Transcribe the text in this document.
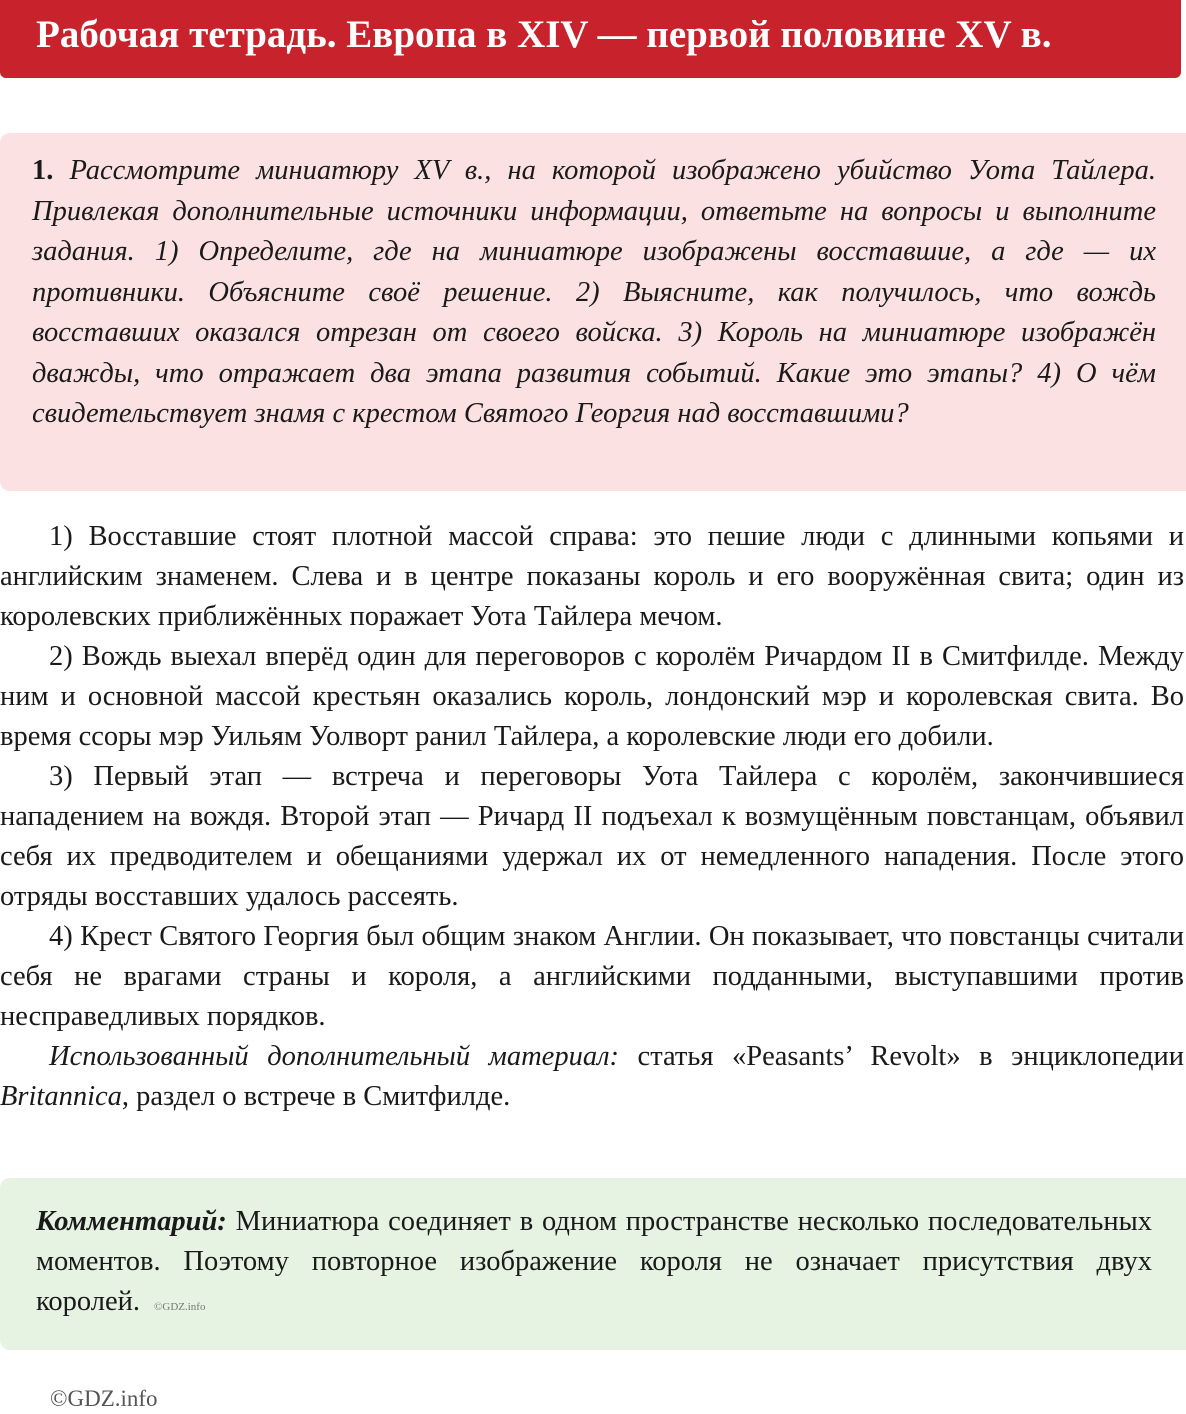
Рабочая тетрадь. Европа в XIV — первой половине XV в.
1. Рассмотрите миниатюру XV в., на которой изображено убийство Уота Тайлера. Привлекая дополнительные источники информации, ответьте на вопросы и выполните задания. 1) Определите, где на миниатюре изображены восставшие, а где — их противники. Объясните своё решение. 2) Выясните, как получилось, что вождь восставших оказался отрезан от своего войска. 3) Король на миниатюре изображён дважды, что отражает два этапа развития событий. Какие это этапы? 4) О чём свидетельствует знамя с крестом Святого Георгия над восставшими?

1) Восставшие стоят плотной массой справа: это пешие люди с длинными копьями и английским знаменем. Слева и в центре показаны король и его вооружённая свита; один из королевских приближённых поражает Уота Тайлера мечом.

2) Вождь выехал вперёд один для переговоров с королём Ричардом II в Смитфилде. Между ним и основной массой крестьян оказались король, лондонский мэр и королевская свита. Во время ссоры мэр Уильям Уолворт ранил Тайлера, а королевские люди его добили.

3) Первый этап — встреча и переговоры Уота Тайлера с королём, закончившиеся нападением на вождя. Второй этап — Ричард II подъехал к возмущённым повстанцам, объявил себя их предводителем и обещаниями удержал их от немедленного нападения. После этого отряды восставших удалось рассеять.

4) Крест Святого Георгия был общим знаком Англии. Он показывает, что повстанцы считали себя не врагами страны и короля, а английскими подданными, выступавшими против несправедливых порядков.

Использованный дополнительный материал: статья «Peasants’ Revolt» в энциклопедии Britannica, раздел о встрече в Смитфилде.

Комментарий: Миниатюра соединяет в одном пространстве несколько последовательных моментов. Поэтому повторное изображение короля не означает присутствия двух королей. ©GDZ.info
©GDZ.info
